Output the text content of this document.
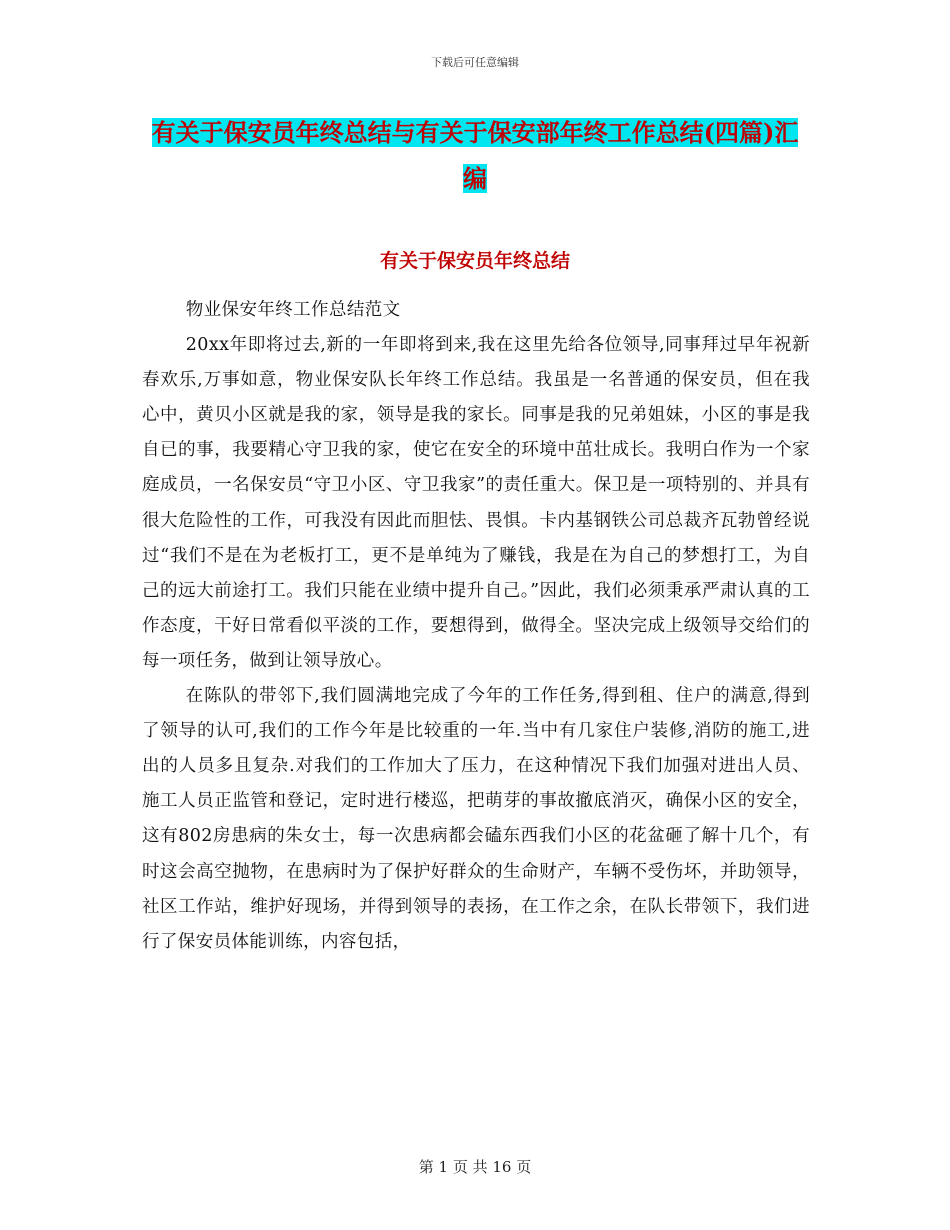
下载后可任意编辑
有关于保安员年终总结与有关于保安部年终工作总结(四篇)汇编
有关于保安员年终总结

物业保安年终工作总结范文

20xx年即将过去,新的一年即将到来,我在这里先给各位领导,同事拜过早年祝新春欢乐,万事如意，物业保安队长年终工作总结。我虽是一名普通的保安员，但在我心中，黄贝小区就是我的家，领导是我的家长。同事是我的兄弟姐妹，小区的事是我自已的事，我要精心守卫我的家，使它在安全的环境中茁壮成长。我明白作为一个家庭成员，一名保安员“守卫小区、守卫我家”的责任重大。保卫是一项特别的、并具有很大危险性的工作，可我没有因此而胆怯、畏惧。卡内基钢铁公司总裁齐瓦勃曾经说过“我们不是在为老板打工，更不是单纯为了赚钱，我是在为自己的梦想打工，为自己的远大前途打工。我们只能在业绩中提升自己。”因此，我们必须秉承严肃认真的工作态度，干好日常看似平淡的工作，要想得到，做得全。坚决完成上级领导交给们的每一项任务，做到让领导放心。

在陈队的带邻下,我们圆满地完成了今年的工作任务,得到租、住户的满意,得到了领导的认可,我们的工作今年是比较重的一年.当中有几家住户装修,消防的施工,进出的人员多且复杂.对我们的工作加大了压力，在这种情况下我们加强对进出人员、施工人员正监管和登记，定时进行楼巡，把萌芽的事故撤底消灭，确保小区的安全，这有802房患病的朱女士，每一次患病都会磕东西我们小区的花盆砸了解十几个，有时这会高空抛物，在患病时为了保护好群众的生命财产，车辆不受伤坏，并助领导，社区工作站，维护好现场，并得到领导的表扬，在工作之余，在队长带领下，我们进行了保安员体能训练，内容包括，

第 1 页 共 16 页
